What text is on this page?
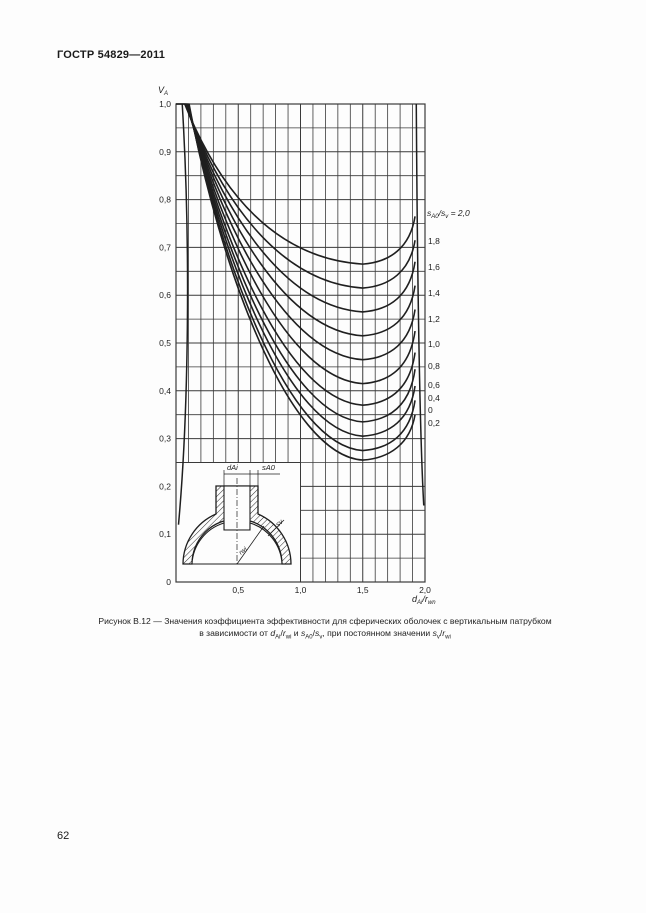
ГОСТР 54829—2011
dAi	sA0
sv
rwi
0,1
0,2
0,3
0,4
0,5
0,6
0,7
0,8
0,9
1,0
0
0,5	1,0	1,5	2,0
$V_A$
$d_{Ai}/r_{wn}$
$s_{A0}/s_v = 2,0$
1,8
1,6
1,4
1,2
1,0
0,8
0,6
0,4
0
0,2
Рисунок В.12 — Значения коэффициента эффективности для сферических оболочек с вертикальным патрубком
в зависимости от $d_{Ai}/r_{wi}$ и $s_{A0}/s_v$, при постоянном значении $s_v/r_{wi}$
62
